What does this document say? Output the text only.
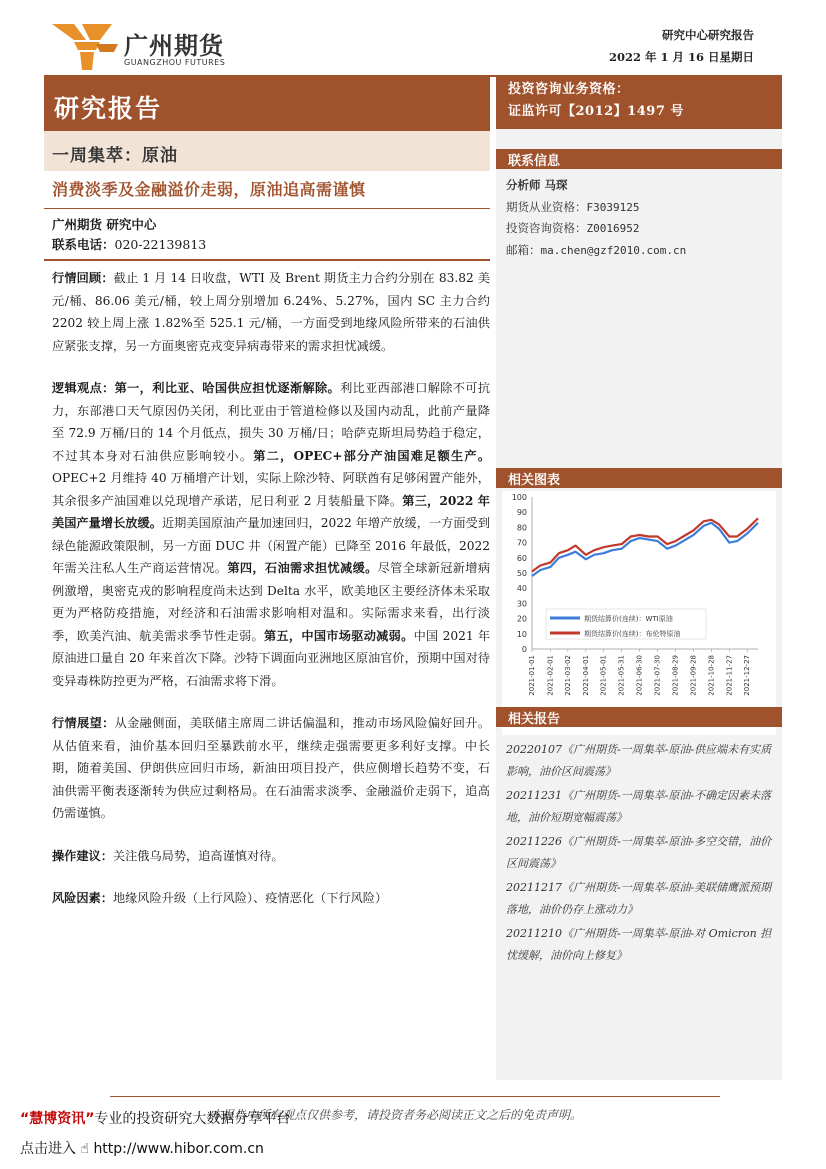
广州期货
GUANGZHOU FUTURES
研究中心研究报告
2022 年 1 月 16 日星期日
研究报告
一周集萃：原油
消费淡季及金融溢价走弱，原油追高需谨慎
广州期货 研究中心
联系电话：020-22139813

行情回顾：截止 1 月 14 日收盘，WTI 及 Brent 期货主力合约分别在 83.82 美元/桶、86.06 美元/桶，较上周分别增加 6.24%、5.27%，国内 SC 主力合约 2202 较上周上涨 1.82%至 525.1 元/桶，一方面受到地缘风险所带来的石油供应紧张支撑，另一方面奥密克戎变异病毒带来的需求担忧减缓。

逻辑观点：第一，利比亚、哈国供应担忧逐渐解除。利比亚西部港口解除不可抗力，东部港口天气原因仍关闭，利比亚由于管道检修以及国内动乱，此前产量降至 72.9 万桶/日的 14 个月低点，损失 30 万桶/日；哈萨克斯坦局势趋于稳定，不过其本身对石油供应影响较小。第二，OPEC+部分产油国难足额生产。OPEC+2 月维持 40 万桶增产计划，实际上除沙特、阿联酋有足够闲置产能外，其余很多产油国难以兑现增产承诺，尼日利亚 2 月装船量下降。第三，2022 年美国产量增长放缓。近期美国原油产量加速回归，2022 年增产放缓，一方面受到绿色能源政策限制，另一方面 DUC 井（闲置产能）已降至 2016 年最低，2022 年需关注私人生产商运营情况。第四，石油需求担忧减缓。尽管全球新冠新增病例激增，奥密克戎的影响程度尚未达到 Delta 水平，欧美地区主要经济体未采取更为严格防疫措施，对经济和石油需求影响相对温和。实际需求来看，出行淡季，欧美汽油、航美需求季节性走弱。第五，中国市场驱动减弱。中国 2021 年原油进口量自 20 年来首次下降。沙特下调面向亚洲地区原油官价，预期中国对待变异毒株防控更为严格，石油需求将下滑。

行情展望：从金融侧面，美联储主席周二讲话偏温和，推动市场风险偏好回升。从估值来看，油价基本回归至暴跌前水平，继续走强需要更多利好支撑。中长期，随着美国、伊朗供应回归市场，新油田项目投产，供应侧增长趋势不变，石油供需平衡表逐渐转为供应过剩格局。在石油需求淡季、金融溢价走弱下，追高仍需谨慎。

操作建议：关注俄乌局势，追高谨慎对待。

风险因素：地缘风险升级（上行风险）、疫情恶化（下行风险）

投资咨询业务资格：
证监许可【2012】1497 号
联系信息
分析师 马琛
期货从业资格：F3039125
投资咨询资格：Z0016952
邮箱：ma.chen@gzf2010.com.cn
相关图表
0
10
20
30
40
50
60
70
80
90
100
2021-01-01 2021-02-01 2021-03-02 2021-04-01 2021-05-01 2021-05-31 2021-06-30 2021-07-30 2021-08-29 2021-09-28 2021-10-28 2021-11-27 2021-12-27
期货结算价(连续)：WTI原油
期货结算价(连续)：布伦特原油
相关报告
20220107《广州期货-一周集萃-原油-供应端未有实质影响，油价区间震荡》
20211231《广州期货-一周集萃-原油-不确定因素未落地，油价短期宽幅震荡》
20211226《广州期货-一周集萃-原油-多空交错，油价区间震荡》
20211217《广州期货-一周集萃-原油-美联储鹰派预期落地，油价仍存上涨动力》
20211210《广州期货-一周集萃-原油-对 Omicron 担忧缓解，油价向上修复》
本报告中所有观点仅供参考，请投资者务必阅读正文之后的免责声明。
“慧博资讯”专业的投资研究大数据分享平台
点击进入 ☝ http://www.hibor.com.cn
